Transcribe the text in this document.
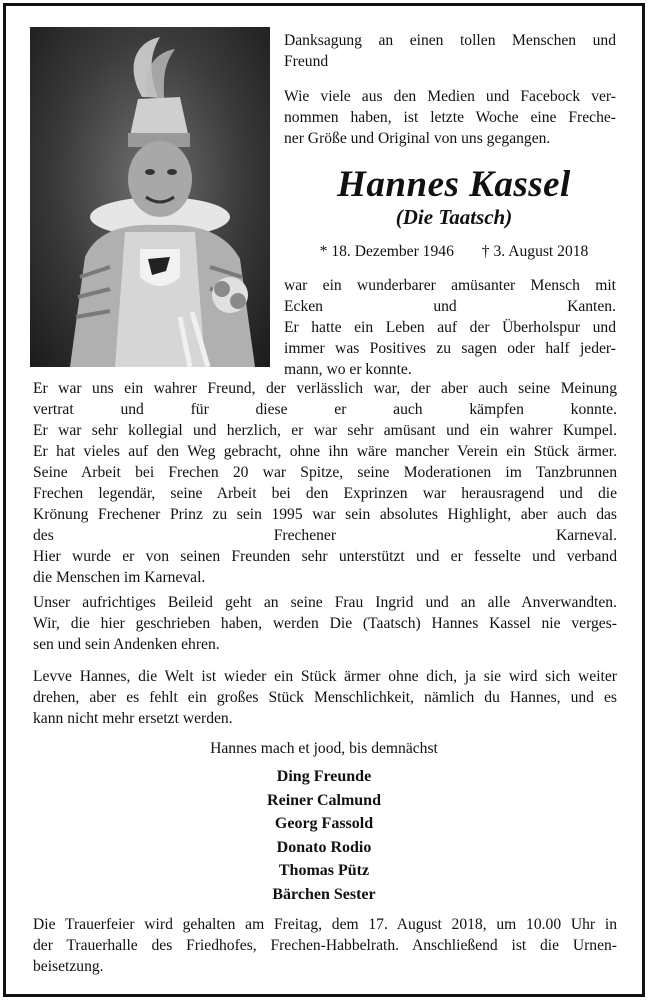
Danksagung an einen tollen Menschen und
Freund
Wie viele aus den Medien und Facebock ver-
nommen haben, ist letzte Woche eine Freche-
ner Größe und Original von uns gegangen.
Hannes Kassel
(Die Taatsch)
* 18. Dezember 1946 † 3. August 2018
war ein wunderbarer amüsanter Mensch mit
Ecken und Kanten.
Er hatte ein Leben auf der Überholspur und
immer was Positives zu sagen oder half jeder-
mann, wo er konnte.
Er war uns ein wahrer Freund, der verlässlich war, der aber auch seine Meinung
vertrat und für diese er auch kämpfen konnte.
Er war sehr kollegial und herzlich, er war sehr amüsant und ein wahrer Kumpel.
Er hat vieles auf den Weg gebracht, ohne ihn wäre mancher Verein ein Stück ärmer.
Seine Arbeit bei Frechen 20 war Spitze, seine Moderationen im Tanzbrunnen
Frechen legendär, seine Arbeit bei den Exprinzen war herausragend und die
Krönung Frechener Prinz zu sein 1995 war sein absolutes Highlight, aber auch das
des Frechener Karneval.
Hier wurde er von seinen Freunden sehr unterstützt und er fesselte und verband
die Menschen im Karneval.
Unser aufrichtiges Beileid geht an seine Frau Ingrid und an alle Anverwandten.
Wir, die hier geschrieben haben, werden Die (Taatsch) Hannes Kassel nie verges-
sen und sein Andenken ehren.
Levve Hannes, die Welt ist wieder ein Stück ärmer ohne dich, ja sie wird sich weiter
drehen, aber es fehlt ein großes Stück Menschlichkeit, nämlich du Hannes, und es
kann nicht mehr ersetzt werden.
Hannes mach et jood, bis demnächst
Ding Freunde
Reiner Calmund
Georg Fassold
Donato Rodio
Thomas Pütz
Bärchen Sester
Die Trauerfeier wird gehalten am Freitag, dem 17. August 2018, um 10.00 Uhr in
der Trauerhalle des Friedhofes, Frechen-Habbelrath. Anschließend ist die Urnen-
beisetzung.
